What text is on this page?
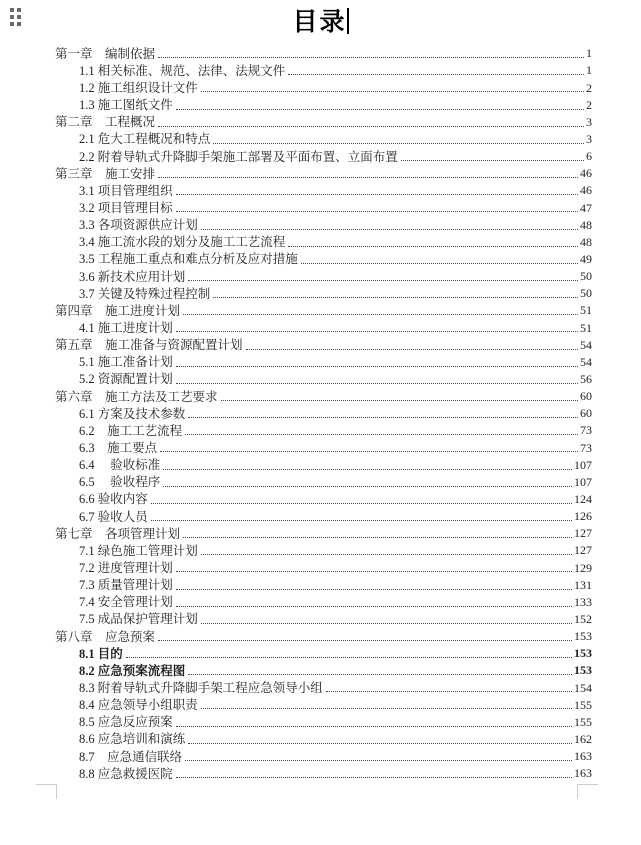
目录
第一章　编制依据	1
1.1 相关标准、规范、法律、法规文件	1
1.2 施工组织设计文件	2
1.3 施工图纸文件	2
第二章　工程概况	3
2.1 危大工程概况和特点	3
2.2 附着导轨式升降脚手架施工部署及平面布置、立面布置	6
第三章　施工安排	46
3.1 项目管理组织	46
3.2 项目管理目标	47
3.3 各项资源供应计划	48
3.4 施工流水段的划分及施工工艺流程	48
3.5 工程施工重点和难点分析及应对措施	49
3.6 新技术应用计划	50
3.7 关键及特殊过程控制	50
第四章　施工进度计划	51
4.1 施工进度计划	51
第五章　施工准备与资源配置计划	54
5.1 施工准备计划	54
5.2 资源配置计划	56
第六章　施工方法及工艺要求	60
6.1 方案及技术参数	60
6.2　施工工艺流程	73
6.3　施工要点	73
6.4　 验收标准	107
6.5　 验收程序	107
6.6 验收内容	124
6.7 验收人员	126
第七章　各项管理计划	127
7.1 绿色施工管理计划	127
7.2 进度管理计划	129
7.3 质量管理计划	131
7.4 安全管理计划	133
7.5 成品保护管理计划	152
第八章　应急预案	153
8.1 目的	153
8.2 应急预案流程图	153
8.3 附着导轨式升降脚手架工程应急领导小组	154
8.4 应急领导小组职责	155
8.5 应急反应预案	155
8.6 应急培训和演练	162
8.7　应急通信联络	163
8.8 应急救援医院	163
